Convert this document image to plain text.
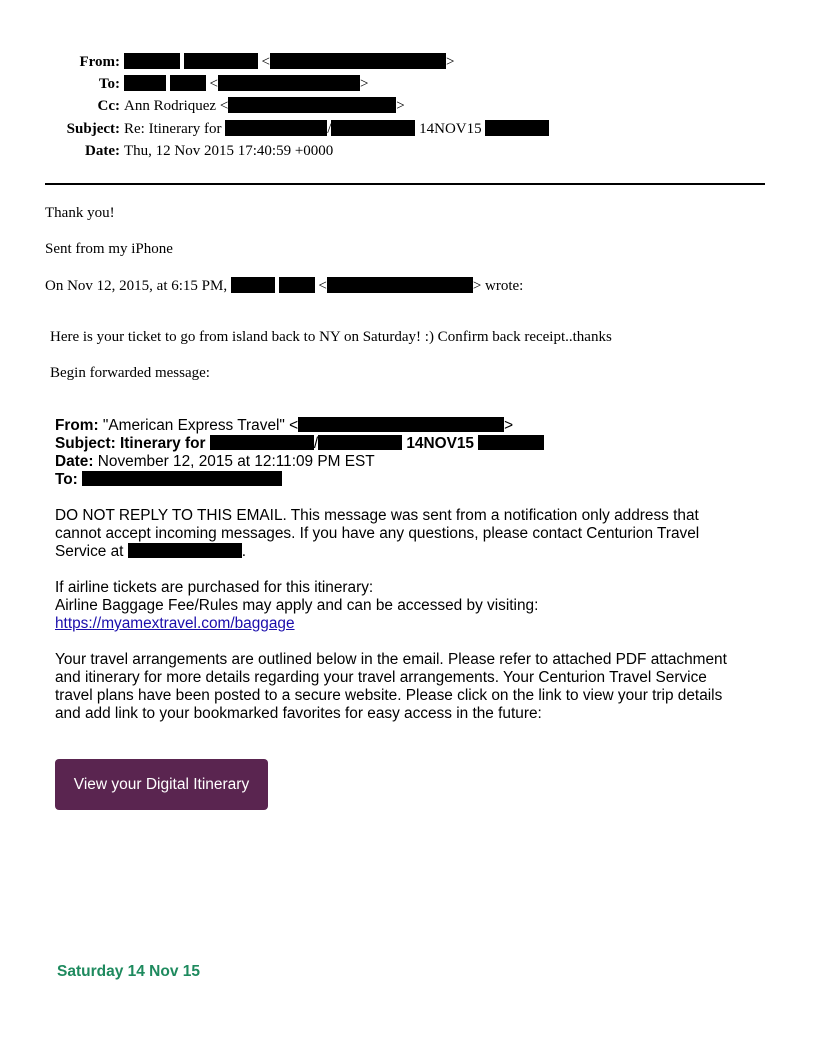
From:	<	>
To:	<	>
Cc: Ann Rodriquez <	>
Subject: Re: Itinerary for	/	14NOV15
Date: Thu, 12 Nov 2015 17:40:59 +0000
Thank you!
Sent from my iPhone
On Nov 12, 2015, at 6:15 PM,	<	> wrote:
Here is your ticket to go from island back to NY on Saturday! :) Confirm back receipt..thanks
Begin forwarded message:
From: "American Express Travel" <	>
Subject: Itinerary for	/	14NOV15
Date: November 12, 2015 at 12:11:09 PM EST
To:
DO NOT REPLY TO THIS EMAIL. This message was sent from a notification only address that
cannot accept incoming messages. If you have any questions, please contact Centurion Travel
Service at	.
If airline tickets are purchased for this itinerary:
Airline Baggage Fee/Rules may apply and can be accessed by visiting:
https://myamextravel.com/baggage
Your travel arrangements are outlined below in the email. Please refer to attached PDF attachment
and itinerary for more details regarding your travel arrangements. Your Centurion Travel Service
travel plans have been posted to a secure website. Please click on the link to view your trip details
and add link to your bookmarked favorites for easy access in the future:
View your Digital Itinerary
Saturday 14 Nov 15
